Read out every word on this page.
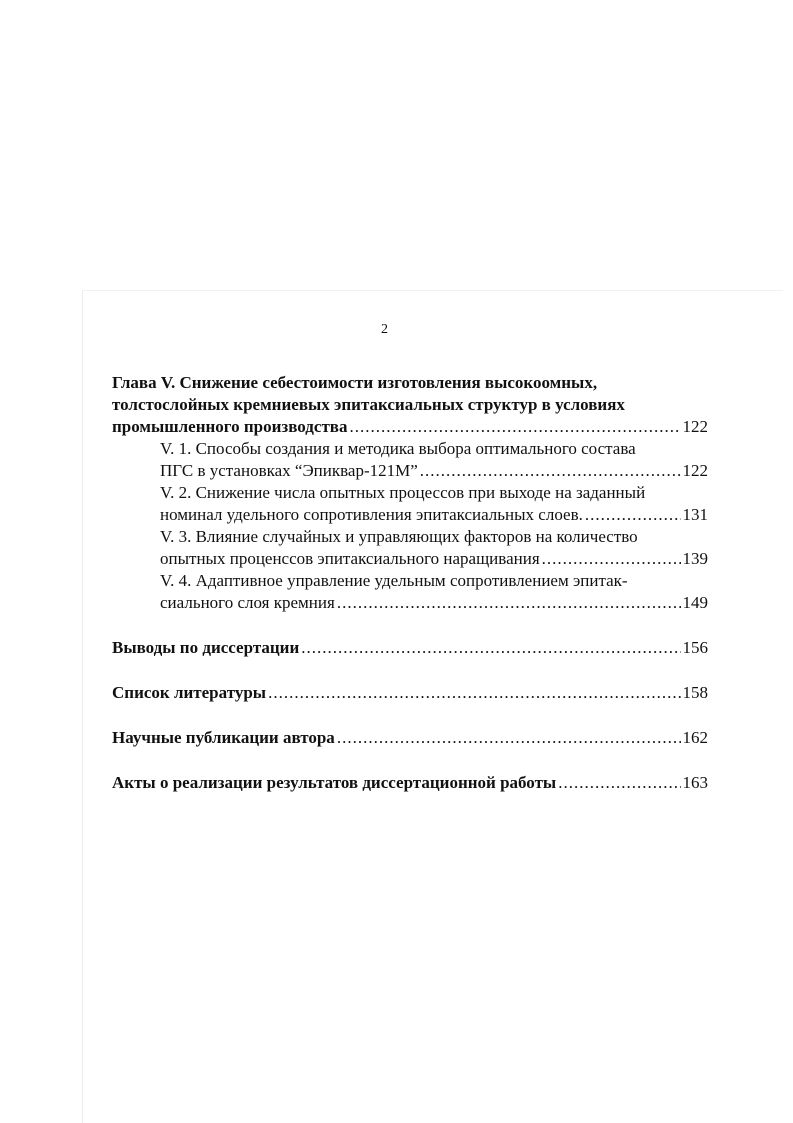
2
Глава V. Снижение себестоимости изготовления высокоомных,
толстослойных кремниевых эпитаксиальных структур в условиях
промышленного производства .....	122
V. 1. Способы создания и методика выбора оптимального состава
ПГС в установках “Эпиквар-121М” .....	122
V. 2. Снижение числа опытных процессов при выходе на заданный
номинал удельного сопротивления эпитаксиальных слоев. .....	131
V. 3. Влияние случайных и управляющих факторов на количество
опытных проценссов эпитаксиального наращивания .....	139
V. 4. Адаптивное управление удельным сопротивлением эпитак-
сиального слоя кремния .....	149
Выводы по диссертации .....	156
Список литературы .....	158
Научные публикации автора .....	162
Акты о реализации результатов диссертационной работы .....	163
